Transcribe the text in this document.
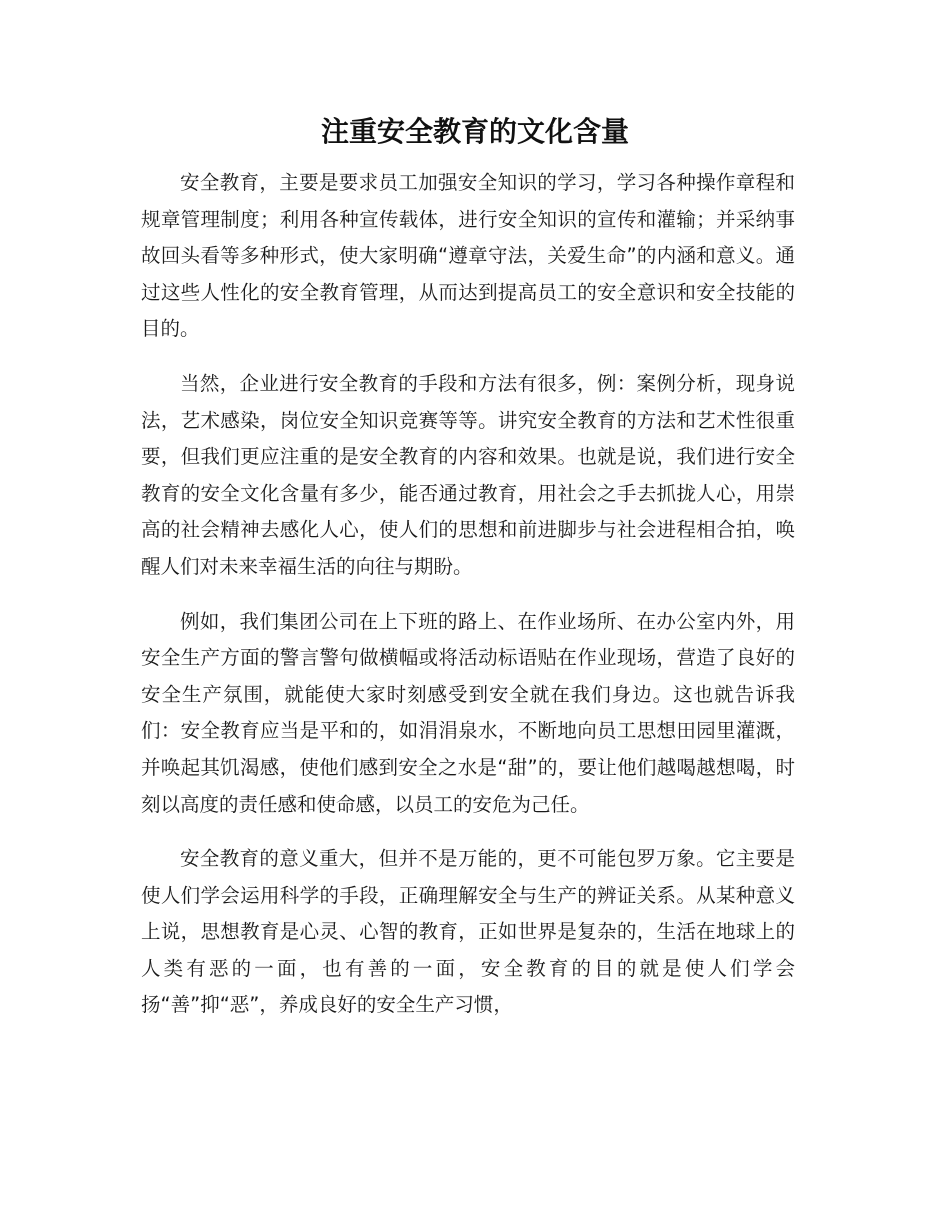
注重安全教育的文化含量

安全教育，主要是要求员工加强安全知识的学习，学习各种操作章程和规章管理制度；利用各种宣传载体，进行安全知识的宣传和灌输；并采纳事故回头看等多种形式，使大家明确“遵章守法，关爱生命”的内涵和意义。通过这些人性化的安全教育管理，从而达到提高员工的安全意识和安全技能的目的。

当然，企业进行安全教育的手段和方法有很多，例：案例分析，现身说法，艺术感染，岗位安全知识竞赛等等。讲究安全教育的方法和艺术性很重要，但我们更应注重的是安全教育的内容和效果。也就是说，我们进行安全教育的安全文化含量有多少，能否通过教育，用社会之手去抓拢人心，用崇高的社会精神去感化人心，使人们的思想和前进脚步与社会进程相合拍，唤醒人们对未来幸福生活的向往与期盼。

例如，我们集团公司在上下班的路上、在作业场所、在办公室内外，用安全生产方面的警言警句做横幅或将活动标语贴在作业现场，营造了良好的安全生产氛围，就能使大家时刻感受到安全就在我们身边。这也就告诉我们：安全教育应当是平和的，如涓涓泉水，不断地向员工思想田园里灌溉，并唤起其饥渴感，使他们感到安全之水是“甜”的，要让他们越喝越想喝，时刻以高度的责任感和使命感，以员工的安危为己任。

安全教育的意义重大，但并不是万能的，更不可能包罗万象。它主要是使人们学会运用科学的手段，正确理解安全与生产的辨证关系。从某种意义上说，思想教育是心灵、心智的教育，正如世界是复杂的，生活在地球上的人类有恶的一面，也有善的一面，安全教育的目的就是使人们学会扬“善”抑“恶”，养成良好的安全生产习惯，
